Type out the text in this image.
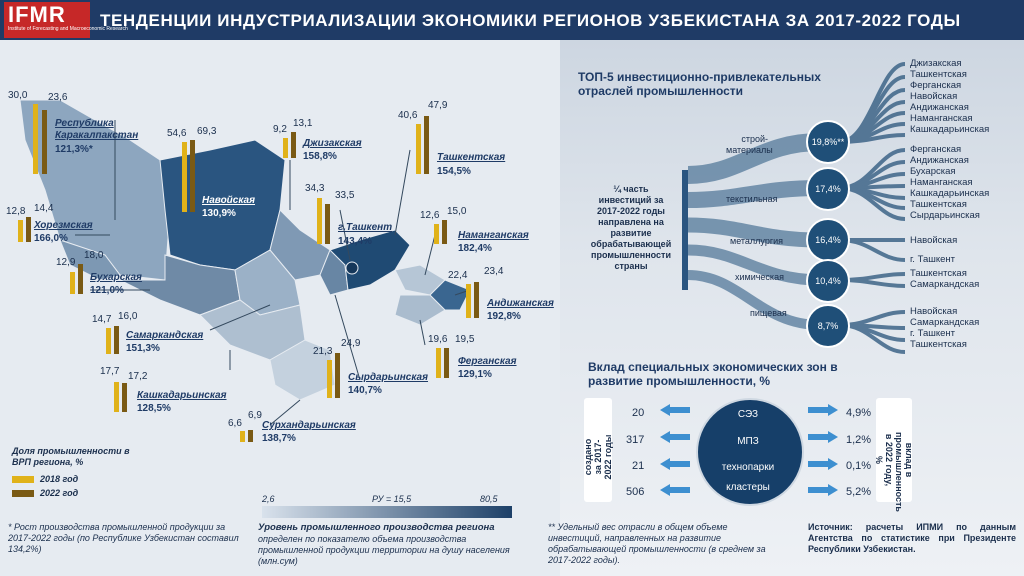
IFMR
Institute of Forecasting and Macroeconomic Research
ТЕНДЕНЦИИ ИНДУСТРИАЛИЗАЦИИ ЭКОНОМИКИ РЕГИОНОВ УЗБЕКИСТАНА ЗА 2017-2022 ГОДЫ
30,0 23,6
Республика Каракалпакстан
121,3%*
12,8 14,4
Хорезмская
166,0%
12,9
18,0
Бухарская
121,0%
14,7 16,0
Самаркандская
151,3%
17,7 17,2
Кашкадарьинская
128,5%
6,6
6,9
Сурхандарьинская
138,7%
54,6 69,3
Навойская
130,9%
9,2
13,1
Джизакская
158,8%
34,3
33,5
г.Ташкент
143,4%
21,3
24,9
Сырдарьинская
140,7%
40,6
47,9
Ташкентская
154,5%
12,6 15,0
Наманганская
182,4%
22,4 23,4
Андижанская
192,8%
19,6 19,5
Ферганская
129,1%
Доля промышленности в ВРП региона, %
2018 год
2022 год
2,6	РУ = 15,5	80,5
Уровень промышленного производства региона
определен по показателю объема производства промышленной продукции территории на душу населения (млн.сум)
* Рост производства промышленной продукции за 2017-2022 годы (по Республике Узбекистан составил 134,2%)
ТОП-5 инвестиционно-привлекательных отраслей промышленности
¼ часть инвестиций за 2017-2022 годы направлена на развитие обрабатывающей промышленности страны
строй-материалы
19,8%**
текстильная
17,4%
металлургия	16,4%
химическая	10,4%
пищевая
8,7%
Джизакская
Ташкентская
Ферганская
Навойская
Андижанская
Наманганская
Кашкадарьинская
Ферганская
Андижанская
Бухарская
Наманганская
Кашкадарьинская
Ташкентская
Сырдарьинская
Навойская
г. Ташкент
Ташкентская
Самаркандская
Навойская
Самаркандская
г. Ташкент
Ташкентская
Вклад специальных экономических зон в развитие промышленности, %
создано за 2017-2022 годы	вклад в промышленность в 2022 году, %
20	СЭЗ	4,9%
317	МПЗ	1,2%
21	технопарки	0,1%
506	кластеры	5,2%
** Удельный вес отрасли в общем объеме инвестиций, направленных на развитие обрабатывающей промышленности (в среднем за 2017-2022 годы).
Источник: расчеты ИПМИ по данным Агентства по статистике при Президенте Республики Узбекистан.
